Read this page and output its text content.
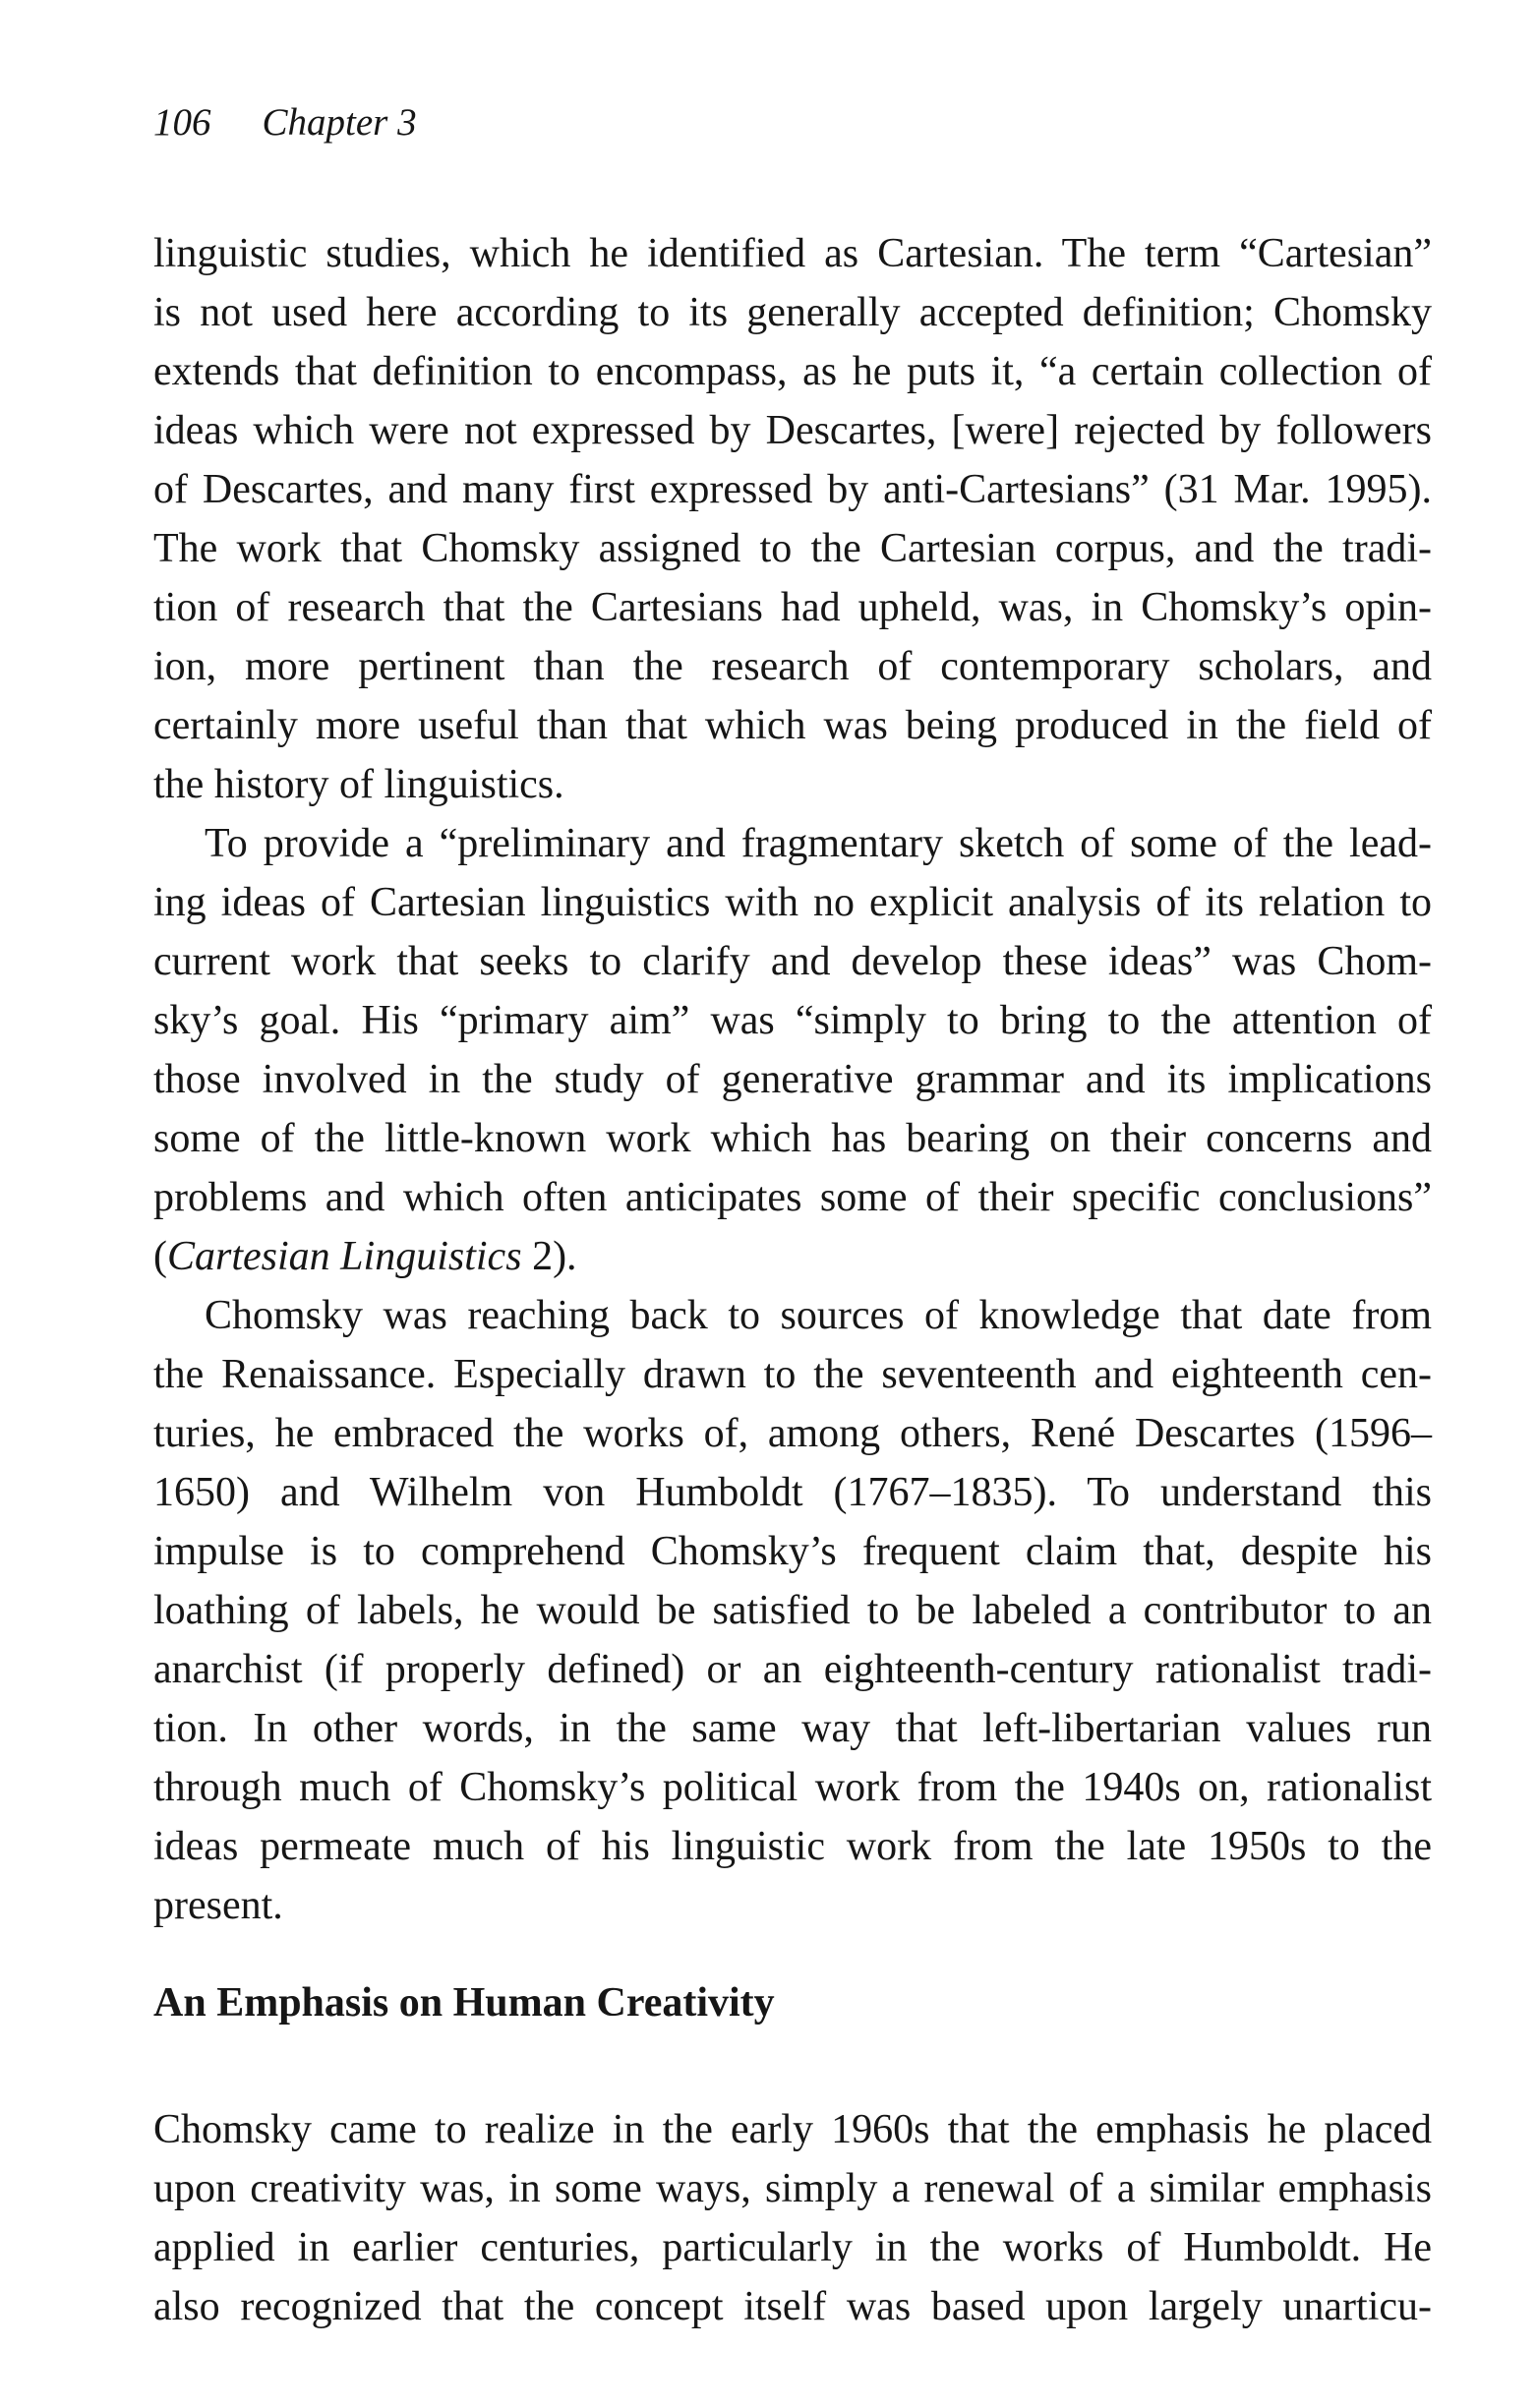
106 Chapter 3
linguistic studies, which he identified as Cartesian. The term “Cartesian”
is not used here according to its generally accepted definition; Chomsky
extends that definition to encompass, as he puts it, “a certain collection of
ideas which were not expressed by Descartes, [were] rejected by followers
of Descartes, and many first expressed by anti-Cartesians” (31 Mar. 1995).
The work that Chomsky assigned to the Cartesian corpus, and the tradi-
tion of research that the Cartesians had upheld, was, in Chomsky’s opin-
ion, more pertinent than the research of contemporary scholars, and
certainly more useful than that which was being produced in the field of
the history of linguistics.
To provide a “preliminary and fragmentary sketch of some of the lead-
ing ideas of Cartesian linguistics with no explicit analysis of its relation to
current work that seeks to clarify and develop these ideas” was Chom-
sky’s goal. His “primary aim” was “simply to bring to the attention of
those involved in the study of generative grammar and its implications
some of the little-known work which has bearing on their concerns and
problems and which often anticipates some of their specific conclusions”
(Cartesian Linguistics 2).
Chomsky was reaching back to sources of knowledge that date from
the Renaissance. Especially drawn to the seventeenth and eighteenth cen-
turies, he embraced the works of, among others, René Descartes (1596–
1650) and Wilhelm von Humboldt (1767–1835). To understand this
impulse is to comprehend Chomsky’s frequent claim that, despite his
loathing of labels, he would be satisfied to be labeled a contributor to an
anarchist (if properly defined) or an eighteenth-century rationalist tradi-
tion. In other words, in the same way that left-libertarian values run
through much of Chomsky’s political work from the 1940s on, rationalist
ideas permeate much of his linguistic work from the late 1950s to the
present.
An Emphasis on Human Creativity
Chomsky came to realize in the early 1960s that the emphasis he placed
upon creativity was, in some ways, simply a renewal of a similar emphasis
applied in earlier centuries, particularly in the works of Humboldt. He
also recognized that the concept itself was based upon largely unarticu-
